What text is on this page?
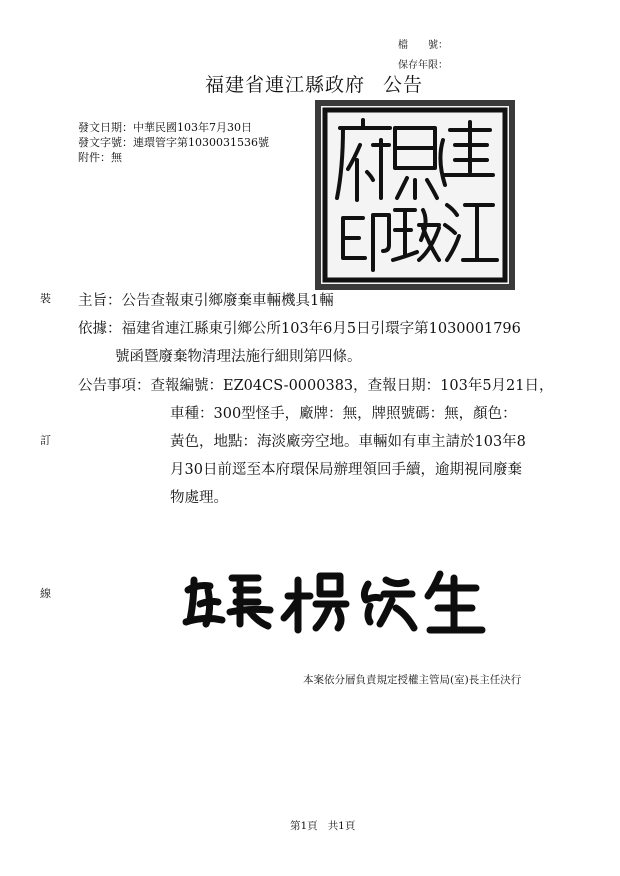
檔　　號：
保存年限：
福建省連江縣政府 公告
發文日期：中華民國103年7月30日
發文字號：連環管字第1030031536號
附件：無
裝
訂
線
主旨：公告查報東引鄉廢棄車輛機具1輛
依據：福建省連江縣東引鄉公所103年6月5日引環字第1030001796
號函暨廢棄物清理法施行細則第四條。
公告事項：查報編號：EZ04CS-0000383，查報日期：103年5月21日，
車種：300型怪手，廠牌：無，牌照號碼：無，顏色：
黃色，地點：海淡廠旁空地。車輛如有車主請於103年8
月30日前逕至本府環保局辦理領回手續，逾期視同廢棄
物處理。
本案依分層負責規定授權主管局(室)長主任決行
第1頁 共1頁
